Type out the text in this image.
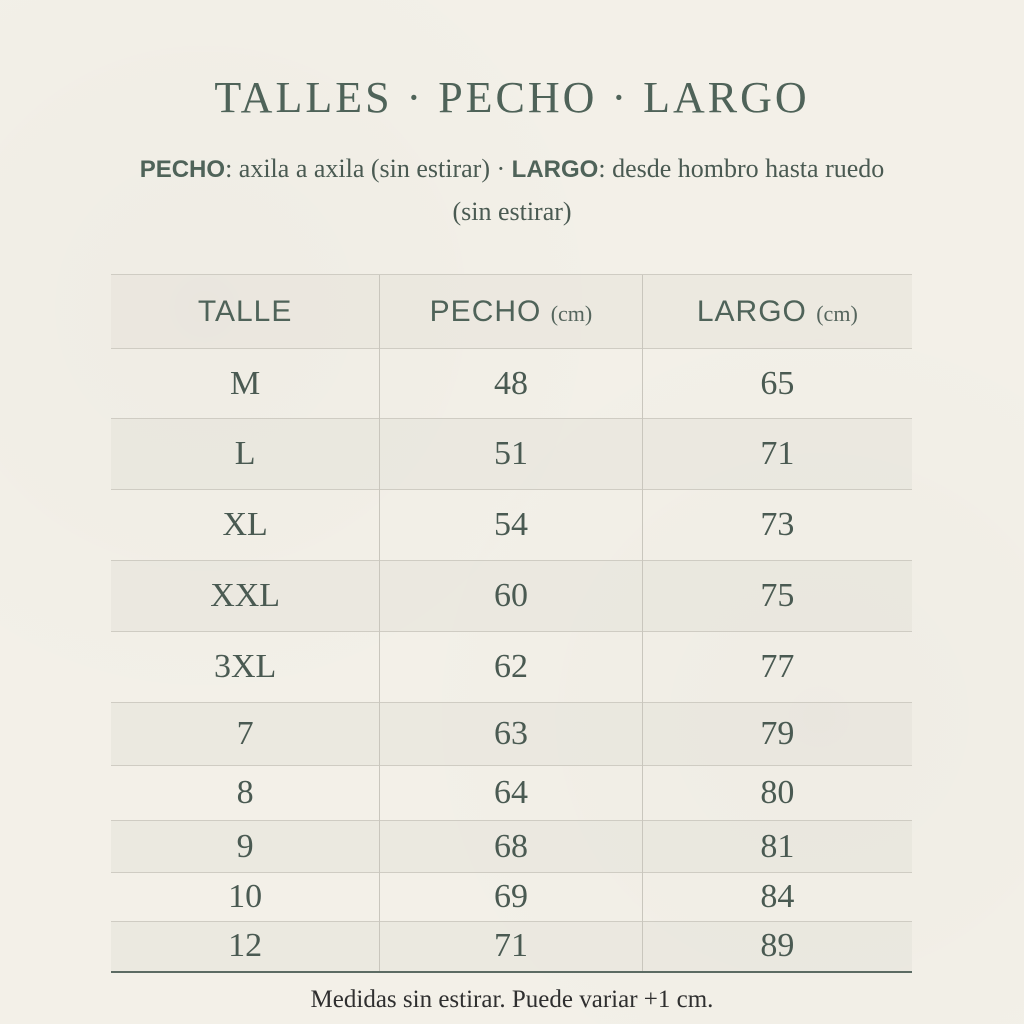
TALLES · PECHO · LARGO
PECHO: axila a axila (sin estirar) · LARGO: desde hombro hasta ruedo (sin estirar)
TALLE	PECHO (cm)	LARGO (cm)
M	48	65
L	51	71
XL	54	73
XXL	60	75
3XL	62	77
7	63	79
8	64	80
9	68	81
10	69	84
12	71	89
Medidas sin estirar. Puede variar +1 cm.
